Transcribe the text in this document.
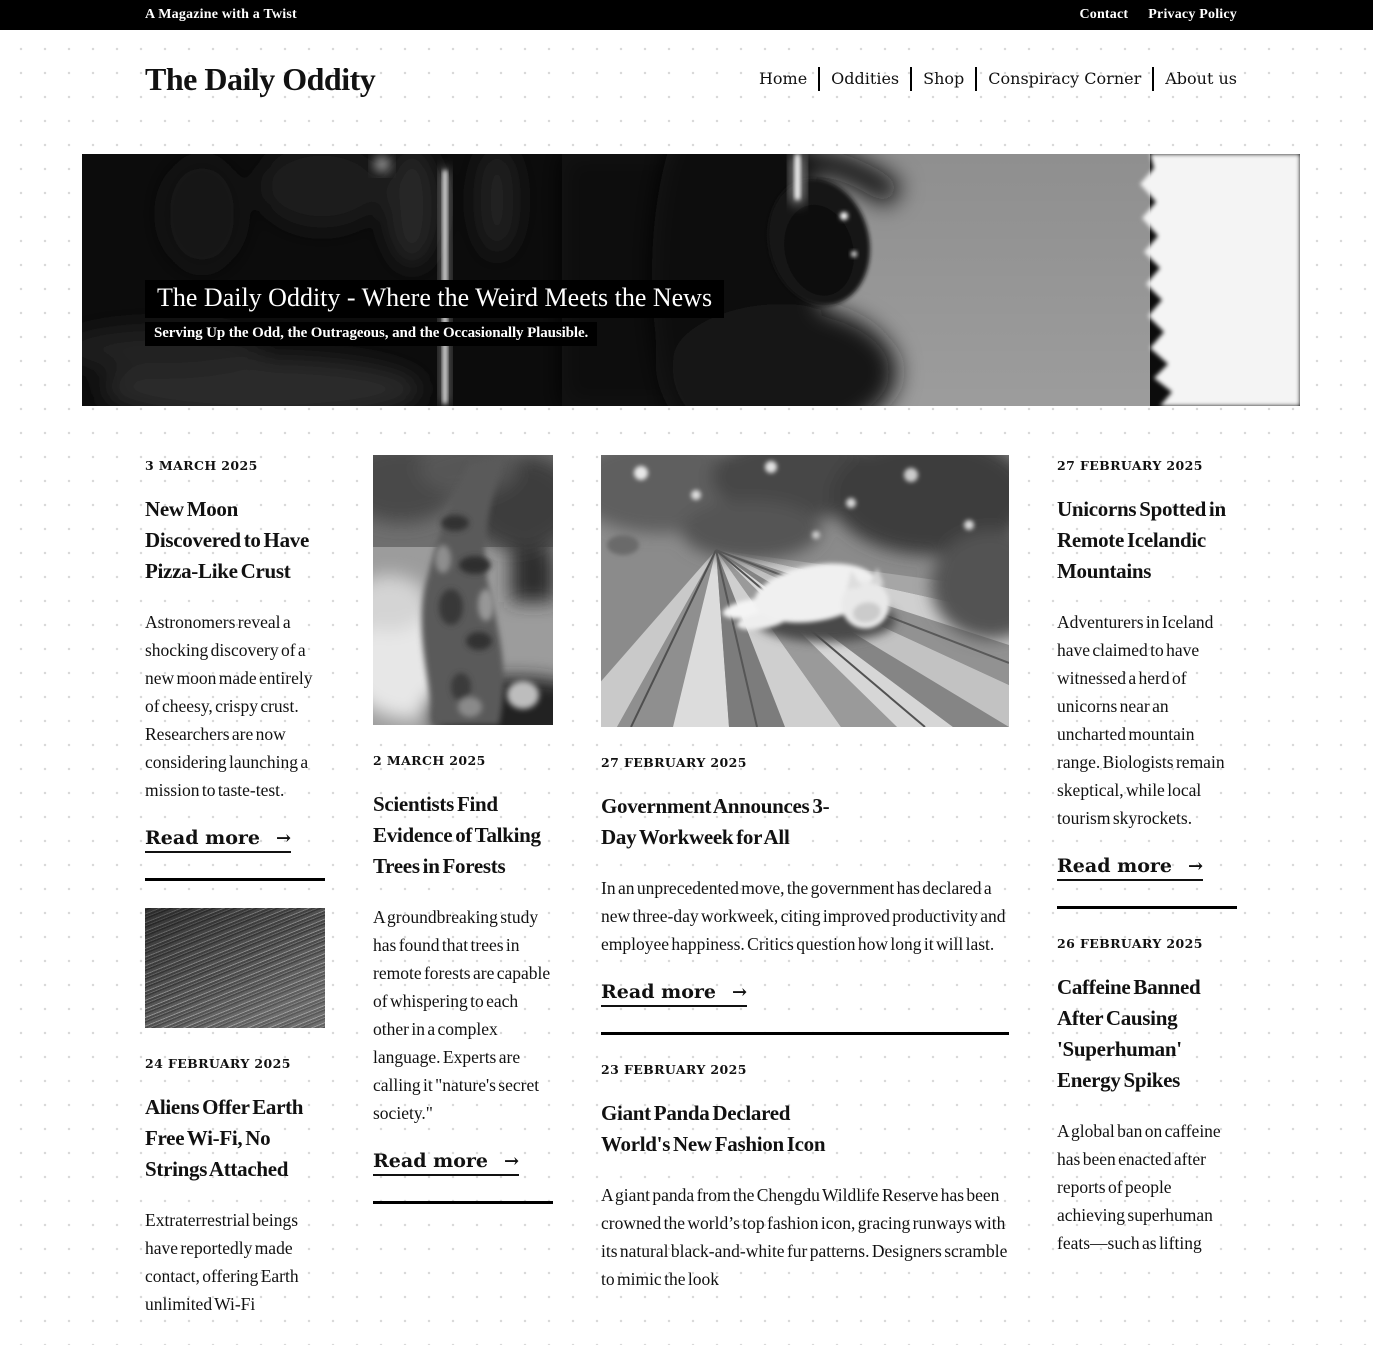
A Magazine with a Twist	Contact Privacy Policy
The Daily Oddity	Home	Oddities	Shop	Conspiracy Corner	About us
The Daily Oddity - Where the Weird Meets the News
Serving Up the Odd, the Outrageous, and the Occasionally Plausible.
3 MARCH 2025
New Moon Discovered to Have Pizza-Like Crust

Astronomers reveal a shocking discovery of a new moon made entirely of cheesy, crispy crust. Researchers are now considering launching a mission to taste-test.

Read more →
24 FEBRUARY 2025
Aliens Offer Earth Free Wi-Fi, No Strings Attached

Extraterrestrial beings have reportedly made contact, offering Earth unlimited Wi-Fi

2 MARCH 2025
Scientists Find Evidence of Talking Trees in Forests

A groundbreaking study has found that trees in remote forests are capable of whispering to each other in a complex language. Experts are calling it "nature's secret society."

Read more →
27 FEBRUARY 2025
Government Announces 3-Day Workweek for All

In an unprecedented move, the government has declared a new three-day workweek, citing improved productivity and employee happiness. Critics question how long it will last.

Read more →
23 FEBRUARY 2025
Giant Panda Declared World's New Fashion Icon

A giant panda from the Chengdu Wildlife Reserve has been crowned the world’s top fashion icon, gracing runways with its natural black-and-white fur patterns. Designers scramble to mimic the look

27 FEBRUARY 2025
Unicorns Spotted in Remote Icelandic Mountains

Adventurers in Iceland have claimed to have witnessed a herd of unicorns near an uncharted mountain range. Biologists remain skeptical, while local tourism skyrockets.

Read more →
26 FEBRUARY 2025
Caffeine Banned After Causing 'Superhuman' Energy Spikes

A global ban on caffeine has been enacted after reports of people achieving superhuman feats—such as lifting
